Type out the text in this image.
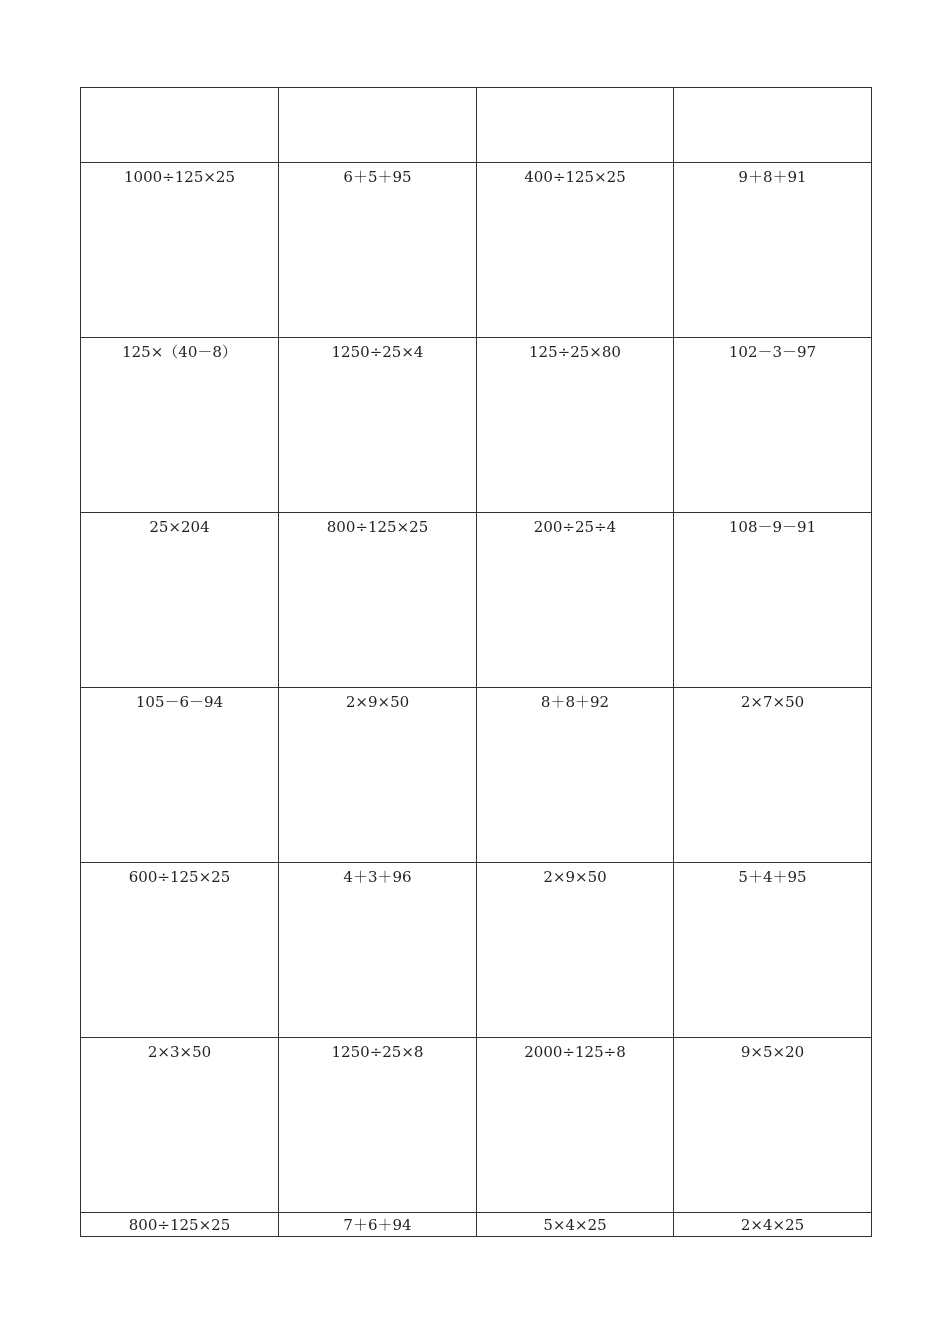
1000÷125×25	6＋5＋95	400÷125×25	9＋8＋91

125×（40－8）	1250÷25×4	125÷25×80	102－3－97

25×204	800÷125×25	200÷25÷4	108－9－91

105－6－94	2×9×50	8＋8＋92	2×7×50

600÷125×25	4＋3＋96	2×9×50	5＋4＋95

2×3×50	1250÷25×8	2000÷125÷8	9×5×20

800÷125×25	7＋6＋94	5×4×25	2×4×25
